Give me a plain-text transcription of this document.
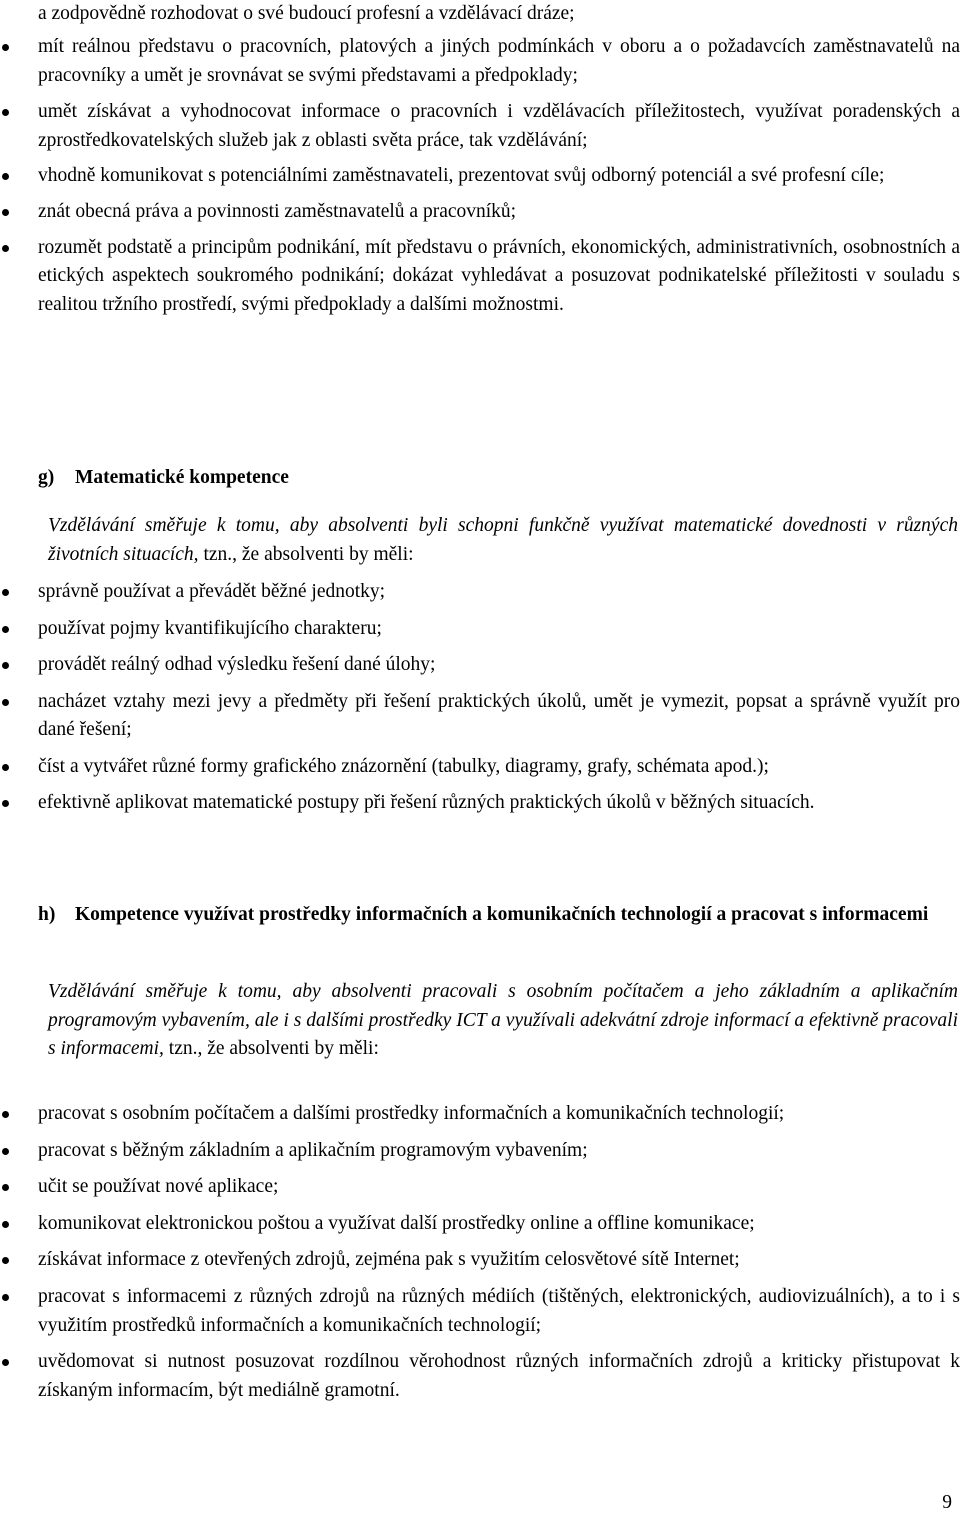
a zodpovědně rozhodovat o své budoucí profesní a vzdělávací dráze;

mít reálnou představu o pracovních, platových a jiných podmínkách v oboru a o požadavcích zaměstnavatelů na pracovníky a umět je srovnávat se svými představami a předpoklady;
umět získávat a vyhodnocovat informace o pracovních i vzdělávacích příležitostech, využívat poradenských a zprostředkovatelských služeb jak z oblasti světa práce, tak vzdělávání;
vhodně komunikovat s potenciálními zaměstnavateli, prezentovat svůj odborný potenciál a své profesní cíle;
znát obecná práva a povinnosti zaměstnavatelů a pracovníků;
rozumět podstatě a principům podnikání, mít představu o právních, ekonomických, administrativních, osobnostních a etických aspektech soukromého podnikání; dokázat vyhledávat a posuzovat podnikatelské příležitosti v souladu s realitou tržního prostředí, svými předpoklady a dalšími možnostmi.

g) Matematické kompetence

Vzdělávání směřuje k tomu, aby absolventi byli schopni funkčně využívat matematické dovednosti v různých životních situacích, tzn., že absolventi by měli:

správně používat a převádět běžné jednotky;
používat pojmy kvantifikujícího charakteru;
provádět reálný odhad výsledku řešení dané úlohy;
nacházet vztahy mezi jevy a předměty při řešení praktických úkolů, umět je vymezit, popsat a správně využít pro dané řešení;
číst a vytvářet různé formy grafického znázornění (tabulky, diagramy, grafy, schémata apod.);
efektivně aplikovat matematické postupy při řešení různých praktických úkolů v běžných situacích.
h)	Kompetence využívat prostředky informačních a komunikačních technologií a pracovat s informacemi

Vzdělávání směřuje k tomu, aby absolventi pracovali s osobním počítačem a jeho základním a aplikačním programovým vybavením, ale i s dalšími prostředky ICT a využívali adekvátní zdroje informací a efektivně pracovali s informacemi, tzn., že absolventi by měli:

pracovat s osobním počítačem a dalšími prostředky informačních a komunikačních technologií;
pracovat s běžným základním a aplikačním programovým vybavením;
učit se používat nové aplikace;
komunikovat elektronickou poštou a využívat další prostředky online a offline komunikace;
získávat informace z otevřených zdrojů, zejména pak s využitím celosvětové sítě Internet;
pracovat s informacemi z různých zdrojů na různých médiích (tištěných, elektronických, audiovizuálních), a to i s využitím prostředků informačních a komunikačních technologií;
uvědomovat si nutnost posuzovat rozdílnou věrohodnost různých informačních zdrojů a kriticky přistupovat k získaným informacím, být mediálně gramotní.

9
